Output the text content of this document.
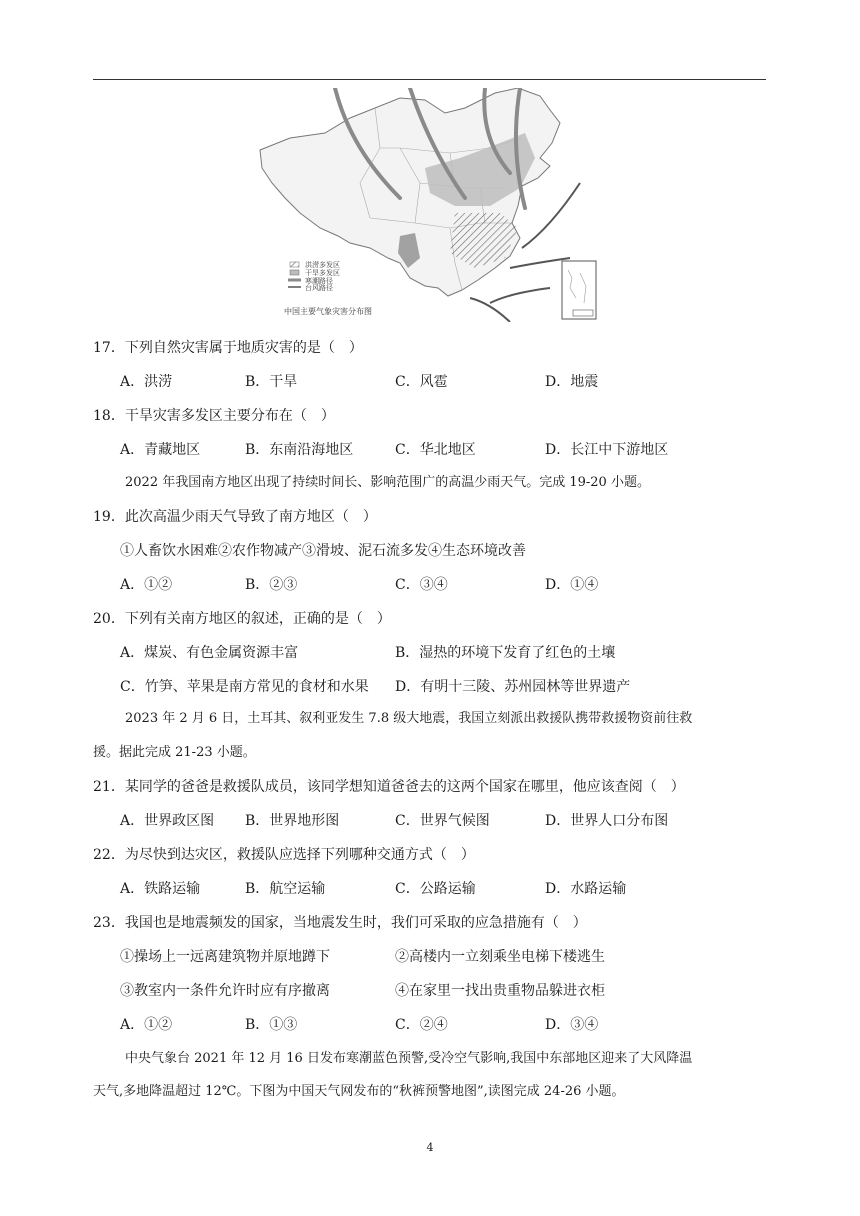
洪涝多发区
干旱多发区
寒潮路径
台风路径
中国主要气象灾害分布图
17．下列自然灾害属于地质灾害的是（　）
A．洪涝	B．干旱	C．风雹	D．地震
18．干旱灾害多发区主要分布在（　）
A．青藏地区	B．东南沿海地区	C．华北地区	D．长江中下游地区
2022 年我国南方地区出现了持续时间长、影响范围广的高温少雨天气。完成 19-20 小题。
19．此次高温少雨天气导致了南方地区（　）
①人畜饮水困难②农作物减产③滑坡、泥石流多发④生态环境改善
A．①②	B．②③	C．③④	D．①④
20．下列有关南方地区的叙述，正确的是（　）
A．煤炭、有色金属资源丰富	B．湿热的环境下发育了红色的土壤
C．竹笋、苹果是南方常见的食材和水果 D．有明十三陵、苏州园林等世界遗产
2023 年 2 月 6 日，土耳其、叙利亚发生 7.8 级大地震，我国立刻派出救援队携带救援物资前往救
援。据此完成 21-23 小题。
21．某同学的爸爸是救援队成员，该同学想知道爸爸去的这两个国家在哪里，他应该查阅（　）
A．世界政区图 B．世界地形图	C．世界气候图	D．世界人口分布图
22．为尽快到达灾区，救援队应选择下列哪种交通方式（　）
A．铁路运输	B．航空运输	C．公路运输	D．水路运输
23．我国也是地震频发的国家，当地震发生时，我们可采取的应急措施有（　）
①操场上一远离建筑物并原地蹲下	②高楼内一立刻乘坐电梯下楼逃生
③教室内一条件允许时应有序撤离	④在家里一找出贵重物品躲进衣柜
A．①②	B．①③	C．②④	D．③④
中央气象台 2021 年 12 月 16 日发布寒潮蓝色预警,受冷空气影响,我国中东部地区迎来了大风降温
天气,多地降温超过 12℃。下图为中国天气网发布的“秋裤预警地图”,读图完成 24-26 小题。
4
